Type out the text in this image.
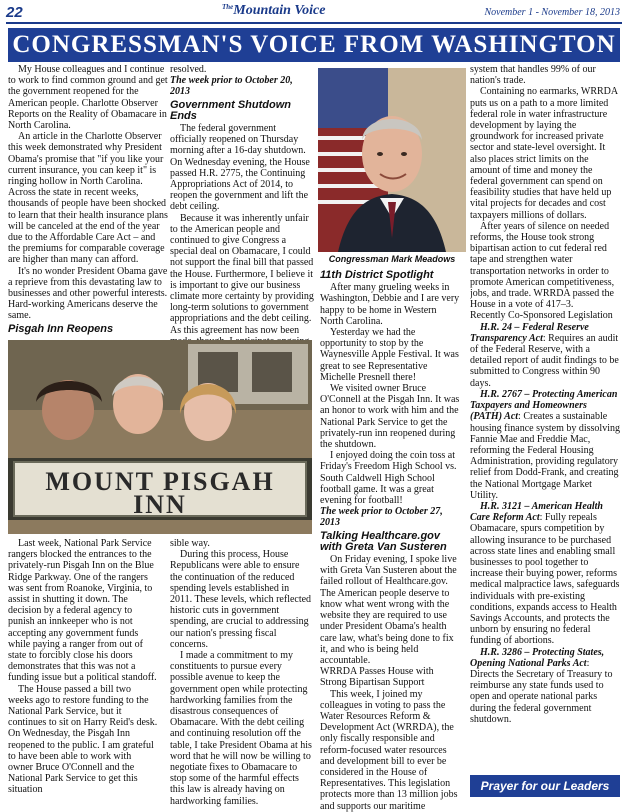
22	$^{The}$Mountain Voice	November 1 - November 18, 2013
CONGRESSMAN'S VOICE FROM WASHINGTON

My House colleagues and I continue to work to find common ground and get the government reopened for the American people. Charlotte Observer Reports on the Reality of Obamacare in North Carolina.

An article in the Charlotte Observer this week demonstrated why President Obama's promise that "if you like your current insurance, you can keep it" is ringing hollow in North Carolina. Across the state in recent weeks, thousands of people have been shocked to learn that their health insurance plans will be canceled at the end of the year due to the Affordable Care Act – and the premiums for comparable coverage are higher than many can afford.

It's no wonder President Obama gave a reprieve from this devastating law to businesses and other powerful interests. Hard-working Americans deserve the same.

Pisgah Inn Reopens

resolved.

The week prior to October 20, 2013

Government Shutdown Ends

The federal government officially reopened on Thursday morning after a 16-day shutdown. On Wednesday evening, the House passed H.R. 2775, the Continuing Appropriations Act of 2014, to reopen the government and lift the debt ceiling.

Because it was inherently unfair to the American people and continued to give Congress a special deal on Obamacare, I could not support the final bill that passed the House. Furthermore, I believe it is important to give our business climate more certainty by providing long-term solutions to government appropriations and the debt ceiling. As this agreement has now been

Congressman Mark Meadows

11th District Spotlight

After many grueling weeks in Washington, Debbie and I are very happy to be home in Western North Carolina.

Yesterday we had the opportunity to stop by the Waynesville Apple Festival. It was great to see Representative Michelle Presnell there!

We visited owner Bruce O'Connell at the Pisgah Inn. It was an honor to work with him and the National Park Service to get the privately-run inn reopened during the shutdown.

I enjoyed doing the coin toss at Friday's Freedom High School vs. South Caldwell High School football game. It was a great evening for football!

The week prior to October 27, 2013

Talking Healthcare.gov with Greta Van Susteren

On Friday evening, I spoke live with Greta Van Susteren about the failed rollout of Healthcare.gov. The American people deserve to know what went wrong with the website they are required to use under President Obama's health care law, what's being done to fix it, and who is being held accountable.

WRRDA Passes House with Strong Bipartisan Support

This week, I joined my colleagues in voting to pass the Water Resources Reform & Development Act (WRRDA), the only fiscally responsible and reform-focused water resources and development bill to ever be considered in the House of Representatives. This legislation protects more than 13 million jobs and supports our maritime

system that handles 99% of our nation's trade.

Containing no earmarks, WRRDA puts us on a path to a more limited federal role in water infrastructure development by laying the groundwork for increased private sector and state-level oversight. It also places strict limits on the amount of time and money the federal government can spend on feasibility studies that have held up vital projects for decades and cost taxpayers millions of dollars.

After years of silence on needed reforms, the House took strong bipartisan action to cut federal red tape and strengthen water transportation networks in order to promote American competitiveness, jobs, and trade. WRRDA passed the House in a vote of 417–3.

Recently Co-Sponsored Legislation

H.R. 24 – Federal Reserve Transparency Act: Requires an audit of the Federal Reserve, with a detailed report of audit findings to be submitted to Congress within 90 days.

H.R. 2767 – Protecting American Taxpayers and Homeowners (PATH) Act: Creates a sustainable housing finance system by dissolving Fannie Mae and Freddie Mac, reforming the Federal Housing Administration, providing regulatory relief from Dodd-Frank, and creating the National Mortgage Market Utility.

H.R. 3121 – American Health Care Reform Act: Fully repeals Obamacare, spurs competition by allowing insurance to be purchased across state lines and enabling small businesses to pool together to increase their buying power, reforms medical malpractice laws, safeguards individuals with pre-existing conditions, expands access to Health Savings Accounts, and protects the unborn by ensuring no federal funding of abortions.

H.R. 3286 – Protecting States, Opening National Parks Act: Directs the Secretary of Treasury to reimburse any state funds used to open and operate national parks during the federal government shutdown.

MOUNT PISGAH
INN

Last week, National Park Service rangers blocked the entrances to the privately-run Pisgah Inn on the Blue Ridge Parkway. One of the rangers was sent from Roanoke, Virginia, to assist in shutting it down. The decision by a federal agency to punish an innkeeper who is not accepting any government funds while paying a ranger from out of state to forcibly close his doors demonstrates that this was not a funding issue but a political standoff.

The House passed a bill two weeks ago to restore funding to the National Park Service, but it continues to sit on Harry Reid's desk. On Wednesday, the Pisgah Inn reopened to the public. I am grateful to have been able to work with owner Bruce O'Connell and the National Park Service to get this situation

sible way.

During this process, House Republicans were able to ensure the continuation of the reduced spending levels established in 2011. These levels, which reflected historic cuts in government spending, are crucial to addressing our nation's pressing fiscal concerns.

I made a commitment to my constituents to pursue every possible avenue to keep the government open while protecting hardworking families from the disastrous consequences of Obamacare. With the debt ceiling and continuing resolution off the table, I take President Obama at his word that he will now be willing to negotiate fixes to Obamacare to stop some of the harmful effects this law is already having on hardworking families.

Prayer for our Leaders
